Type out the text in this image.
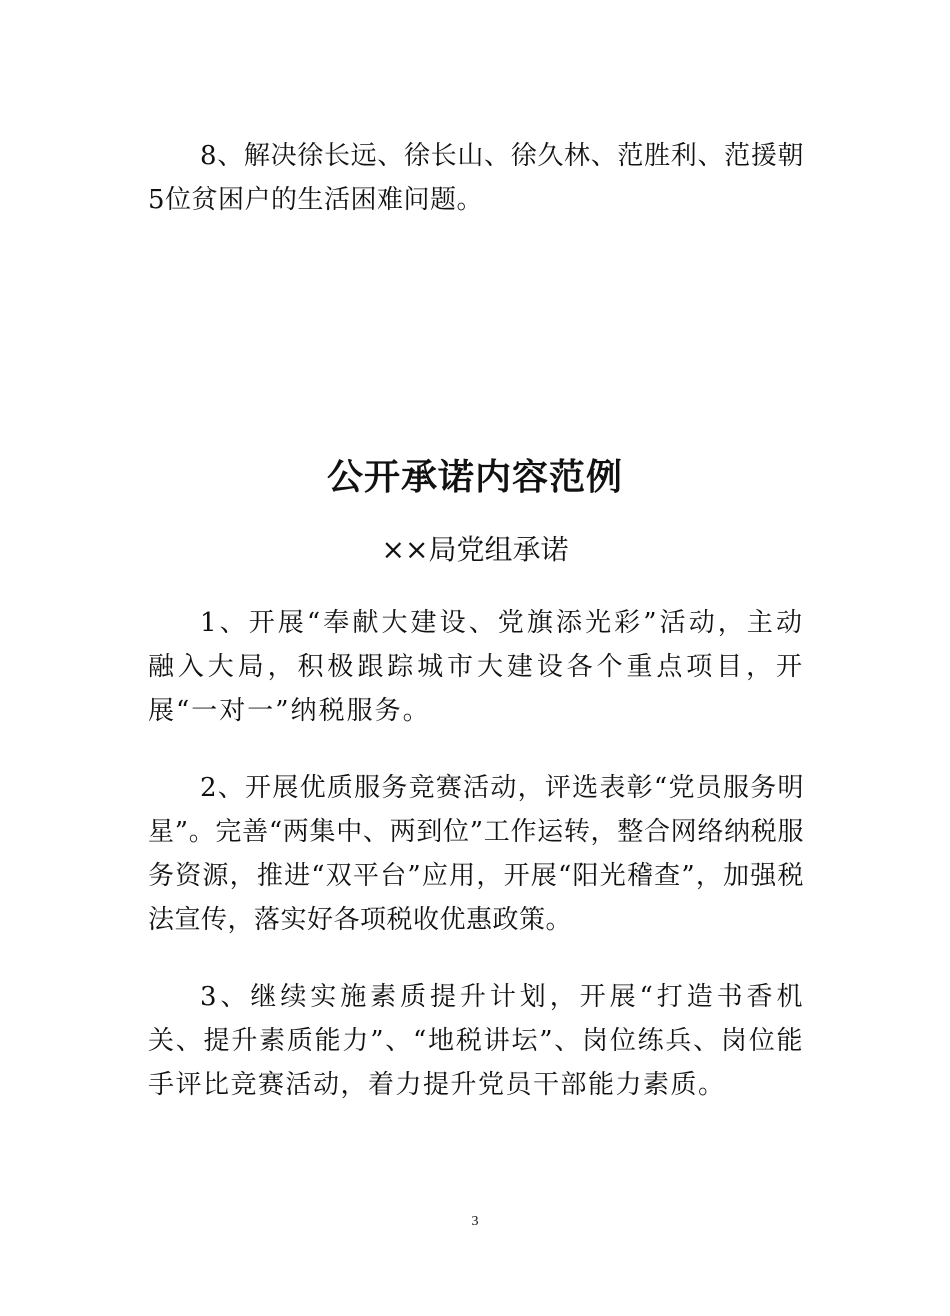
8、解决徐长远、徐长山、徐久林、范胜利、范援朝5位贫困户的生活困难问题。

公开承诺内容范例
××局党组承诺

1、开展“奉献大建设、党旗添光彩”活动，主动融入大局，积极跟踪城市大建设各个重点项目，开展“一对一”纳税服务。

2、开展优质服务竞赛活动，评选表彰“党员服务明星”。完善“两集中、两到位”工作运转，整合网络纳税服务资源，推进“双平台”应用，开展“阳光稽查”，加强税法宣传，落实好各项税收优惠政策。

3、继续实施素质提升计划，开展“打造书香机关、提升素质能力”、“地税讲坛”、岗位练兵、岗位能手评比竞赛活动，着力提升党员干部能力素质。

3
